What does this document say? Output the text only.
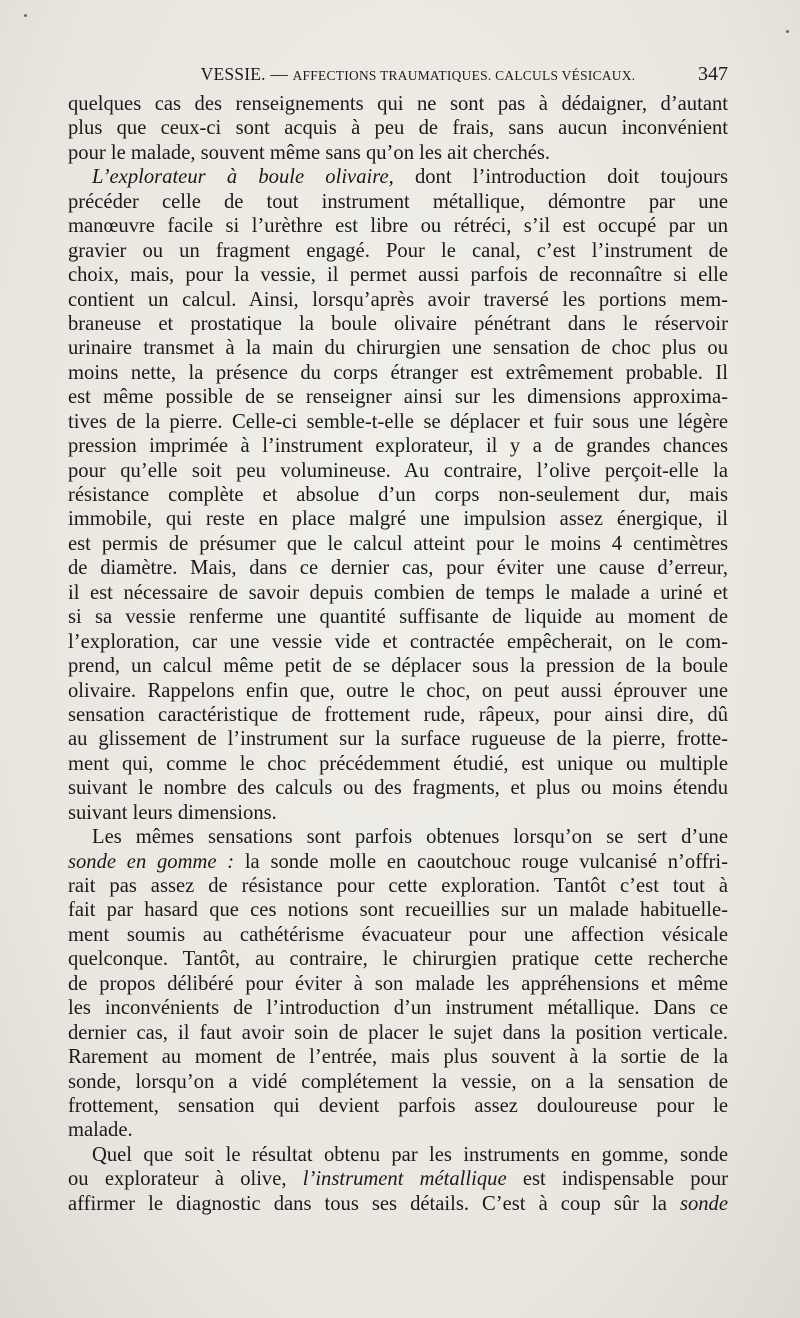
VESSIE. — AFFECTIONS TRAUMATIQUES. CALCULS VÉSICAUX.	347
quelques cas des renseignements qui ne sont pas à dédaigner, d’autant
plus que ceux-ci sont acquis à peu de frais, sans aucun inconvénient
pour le malade, souvent même sans qu’on les ait cherchés.
L’explorateur à boule olivaire, dont l’introduction doit toujours
précéder celle de tout instrument métallique, démontre par une
manœuvre facile si l’urèthre est libre ou rétréci, s’il est occupé par un
gravier ou un fragment engagé. Pour le canal, c’est l’instrument de
choix, mais, pour la vessie, il permet aussi parfois de reconnaître si elle
contient un calcul. Ainsi, lorsqu’après avoir traversé les portions mem-
braneuse et prostatique la boule olivaire pénétrant dans le réservoir
urinaire transmet à la main du chirurgien une sensation de choc plus ou
moins nette, la présence du corps étranger est extrêmement probable. Il
est même possible de se renseigner ainsi sur les dimensions approxima-
tives de la pierre. Celle-ci semble-t-elle se déplacer et fuir sous une légère
pression imprimée à l’instrument explorateur, il y a de grandes chances
pour qu’elle soit peu volumineuse. Au contraire, l’olive perçoit-elle la
résistance complète et absolue d’un corps non-seulement dur, mais
immobile, qui reste en place malgré une impulsion assez énergique, il
est permis de présumer que le calcul atteint pour le moins 4 centimètres
de diamètre. Mais, dans ce dernier cas, pour éviter une cause d’erreur,
il est nécessaire de savoir depuis combien de temps le malade a uriné et
si sa vessie renferme une quantité suffisante de liquide au moment de
l’exploration, car une vessie vide et contractée empêcherait, on le com-
prend, un calcul même petit de se déplacer sous la pression de la boule
olivaire. Rappelons enfin que, outre le choc, on peut aussi éprouver une
sensation caractéristique de frottement rude, râpeux, pour ainsi dire, dû
au glissement de l’instrument sur la surface rugueuse de la pierre, frotte-
ment qui, comme le choc précédemment étudié, est unique ou multiple
suivant le nombre des calculs ou des fragments, et plus ou moins étendu
suivant leurs dimensions.
Les mêmes sensations sont parfois obtenues lorsqu’on se sert d’une
sonde en gomme : la sonde molle en caoutchouc rouge vulcanisé n’offri-
rait pas assez de résistance pour cette exploration. Tantôt c’est tout à
fait par hasard que ces notions sont recueillies sur un malade habituelle-
ment soumis au cathétérisme évacuateur pour une affection vésicale
quelconque. Tantôt, au contraire, le chirurgien pratique cette recherche
de propos délibéré pour éviter à son malade les appréhensions et même
les inconvénients de l’introduction d’un instrument métallique. Dans ce
dernier cas, il faut avoir soin de placer le sujet dans la position verticale.
Rarement au moment de l’entrée, mais plus souvent à la sortie de la
sonde, lorsqu’on a vidé complétement la vessie, on a la sensation de
frottement, sensation qui devient parfois assez douloureuse pour le
malade.
Quel que soit le résultat obtenu par les instruments en gomme, sonde
ou explorateur à olive, l’instrument métallique est indispensable pour
affirmer le diagnostic dans tous ses détails. C’est à coup sûr la sonde
